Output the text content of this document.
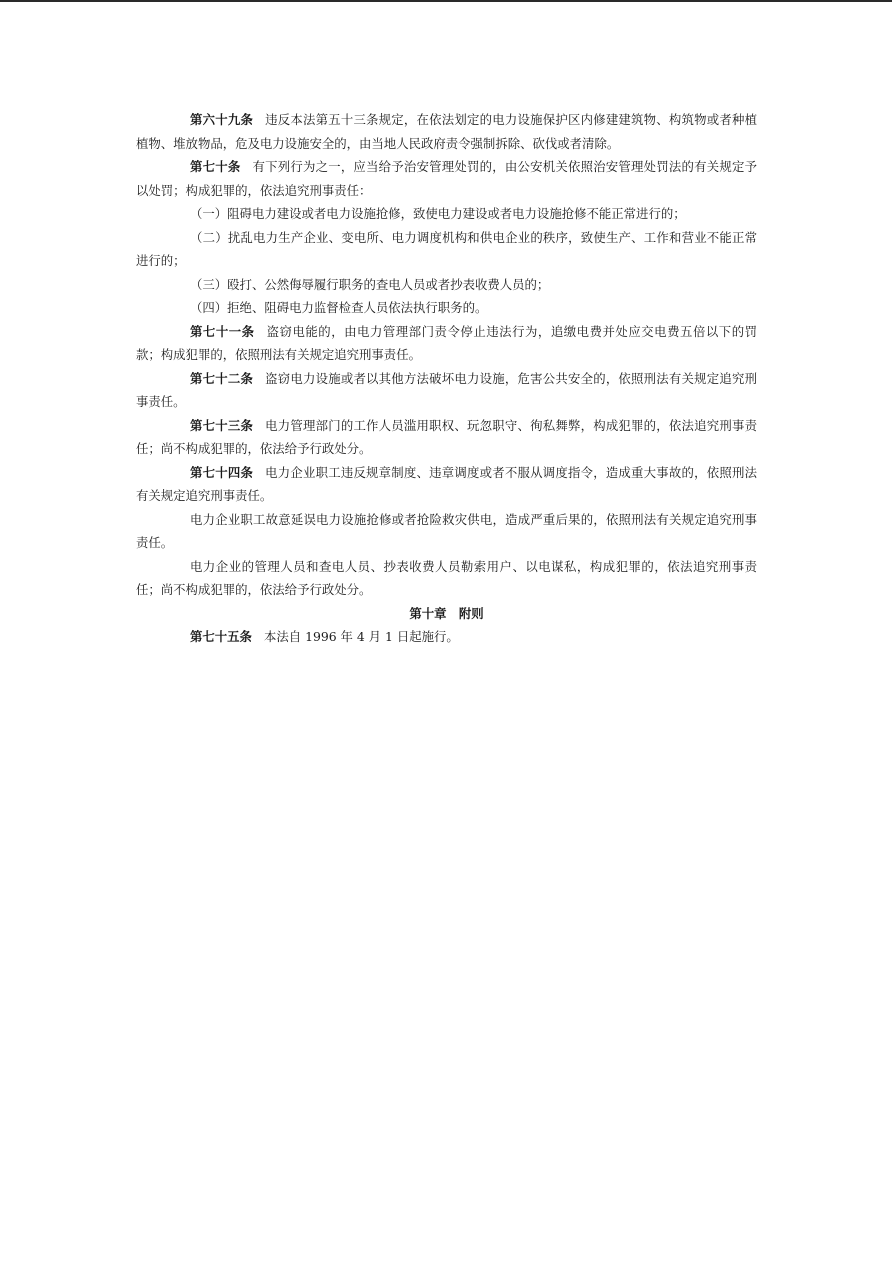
第六十九条 违反本法第五十三条规定，在依法划定的电力设施保护区内修建建筑物、构筑物或者种植植物、堆放物品，危及电力设施安全的，由当地人民政府责令强制拆除、砍伐或者清除。

第七十条 有下列行为之一，应当给予治安管理处罚的，由公安机关依照治安管理处罚法的有关规定予以处罚；构成犯罪的，依法追究刑事责任：

（一）阻碍电力建设或者电力设施抢修，致使电力建设或者电力设施抢修不能正常进行的；

（二）扰乱电力生产企业、变电所、电力调度机构和供电企业的秩序，致使生产、工作和营业不能正常进行的；

（三）殴打、公然侮辱履行职务的查电人员或者抄表收费人员的；

（四）拒绝、阻碍电力监督检查人员依法执行职务的。

第七十一条 盗窃电能的，由电力管理部门责令停止违法行为，追缴电费并处应交电费五倍以下的罚款；构成犯罪的，依照刑法有关规定追究刑事责任。

第七十二条 盗窃电力设施或者以其他方法破坏电力设施，危害公共安全的，依照刑法有关规定追究刑事责任。

第七十三条 电力管理部门的工作人员滥用职权、玩忽职守、徇私舞弊，构成犯罪的，依法追究刑事责任；尚不构成犯罪的，依法给予行政处分。

第七十四条 电力企业职工违反规章制度、违章调度或者不服从调度指令，造成重大事故的，依照刑法有关规定追究刑事责任。

电力企业职工故意延误电力设施抢修或者抢险救灾供电，造成严重后果的，依照刑法有关规定追究刑事责任。

电力企业的管理人员和查电人员、抄表收费人员勒索用户、以电谋私，构成犯罪的，依法追究刑事责任；尚不构成犯罪的，依法给予行政处分。

第十章　附则

第七十五条 本法自 1996 年 4 月 1 日起施行。
